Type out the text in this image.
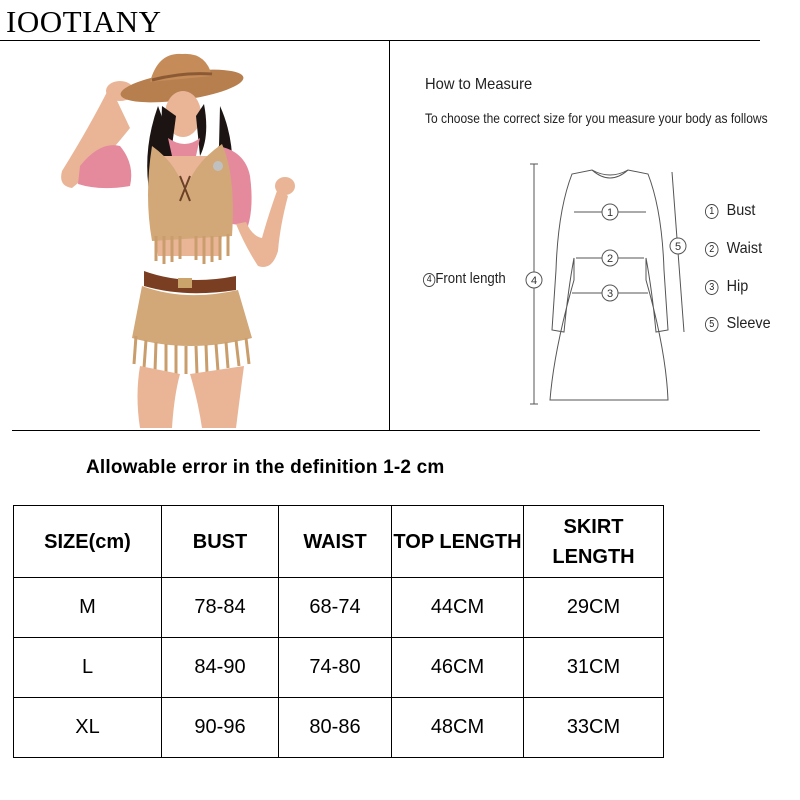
IOOTIANY
How to Measure
To choose the correct size for you measure your body as follows
1
2
3
4
5
4 Front length
1 Bust
2 Waist
3 Hip
5 Sleeve
Allowable error in the definition 1-2 cm
SIZE(cm)	BUST	WAIST	TOP LENGTH	SKIRT LENGTH
M	78-84	68-74	44CM	29CM
L	84-90	74-80	46CM	31CM
XL	90-96	80-86	48CM	33CM
